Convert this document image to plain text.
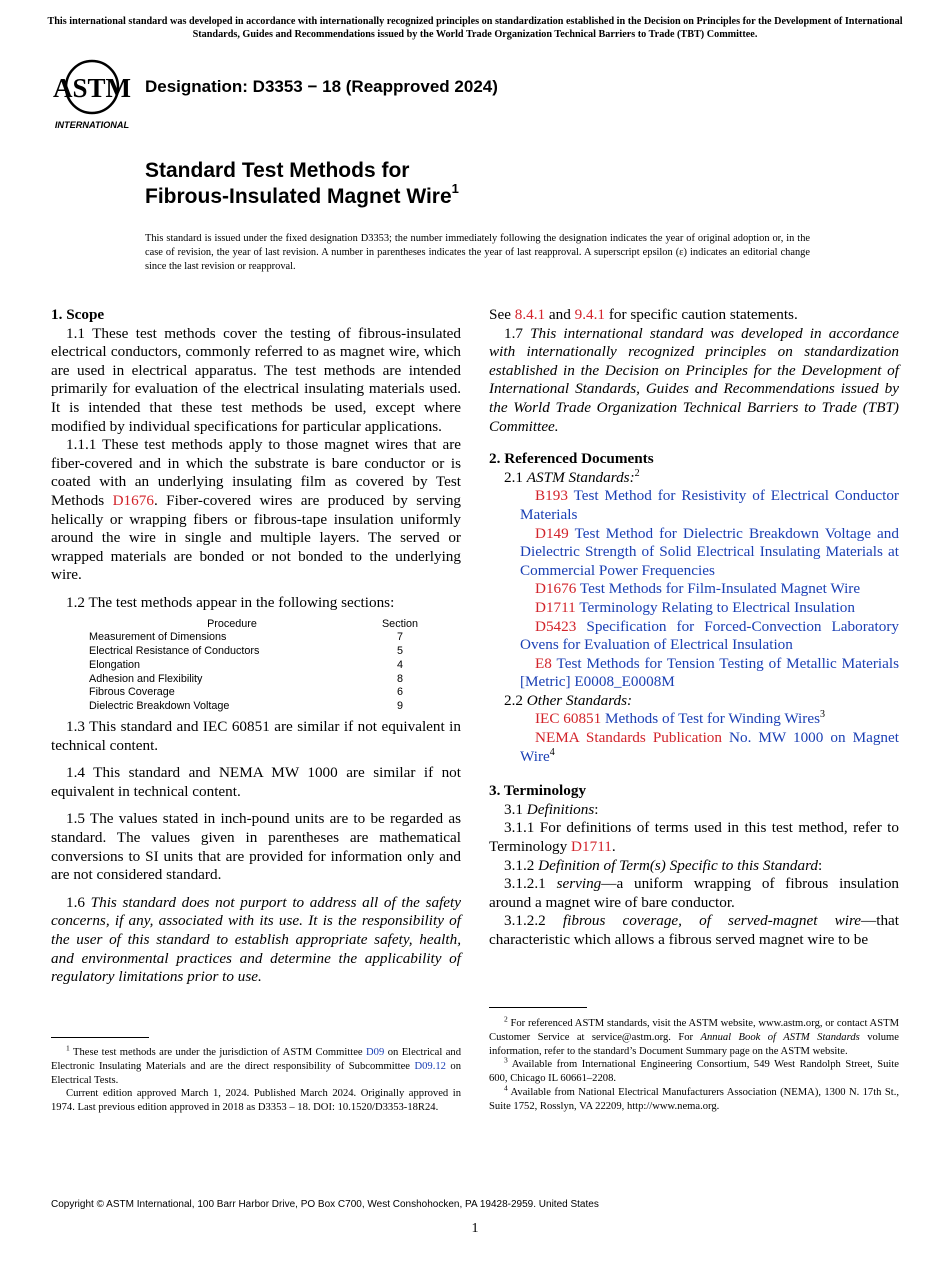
This international standard was developed in accordance with internationally recognized principles on standardization established in the Decision on Principles for the Development of International Standards, Guides and Recommendations issued by the World Trade Organization Technical Barriers to Trade (TBT) Committee.
ASTM
INTERNATIONAL
Designation: D3353 − 18 (Reapproved 2024)
Standard Test Methods for
Fibrous-Insulated Magnet Wire$^1$
This standard is issued under the fixed designation D3353; the number immediately following the designation indicates the year of original adoption or, in the case of revision, the year of last revision. A number in parentheses indicates the year of last reapproval. A superscript epsilon (ε) indicates an editorial change since the last revision or reapproval.

1. Scope

1.1 These test methods cover the testing of fibrous-insulated electrical conductors, commonly referred to as magnet wire, which are used in electrical apparatus. The test methods are intended primarily for evaluation of the electrical insulating materials used. It is intended that these test methods be used, except where modified by individual specifications for particular applications.

1.1.1 These test methods apply to those magnet wires that are fiber-covered and in which the substrate is bare conductor or is coated with an underlying insulating film as covered by Test Methods D1676. Fiber-covered wires are produced by serving helically or wrapping fibers or fibrous-tape insulation uniformly around the wire in single and multiple layers. The served or wrapped materials are bonded or not bonded to the underlying wire.

1.2 The test methods appear in the following sections:

Procedure	Section
Measurement of Dimensions	7
Electrical Resistance of Conductors	5
Elongation	4
Adhesion and Flexibility	8
Fibrous Coverage	6
Dielectric Breakdown Voltage	9

1.3 This standard and IEC 60851 are similar if not equivalent in technical content.

1.4 This standard and NEMA MW 1000 are similar if not equivalent in technical content.

1.5 The values stated in inch-pound units are to be regarded as standard. The values given in parentheses are mathematical conversions to SI units that are provided for information only and are not considered standard.

1.6 This standard does not purport to address all of the safety concerns, if any, associated with its use. It is the responsibility of the user of this standard to establish appropriate safety, health, and environmental practices and determine the applicability of regulatory limitations prior to use.

See 8.4.1 and 9.4.1 for specific caution statements.

1.7 This international standard was developed in accordance with internationally recognized principles on standardization established in the Decision on Principles for the Development of International Standards, Guides and Recommendations issued by the World Trade Organization Technical Barriers to Trade (TBT) Committee.

2. Referenced Documents

2.1 ASTM Standards:$^2$

B193 Test Method for Resistivity of Electrical Conductor Materials

D149 Test Method for Dielectric Breakdown Voltage and Dielectric Strength of Solid Electrical Insulating Materials at Commercial Power Frequencies

D1676 Test Methods for Film-Insulated Magnet Wire

D1711 Terminology Relating to Electrical Insulation

D5423 Specification for Forced-Convection Laboratory Ovens for Evaluation of Electrical Insulation

E8 Test Methods for Tension Testing of Metallic Materials [Metric] E0008_E0008M

2.2 Other Standards:

IEC 60851 Methods of Test for Winding Wires$^3$

NEMA Standards Publication No. MW 1000 on Magnet Wire$^4$

3. Terminology

3.1 Definitions:

3.1.1 For definitions of terms used in this test method, refer to Terminology D1711.

3.1.2 Definition of Term(s) Specific to this Standard:

3.1.2.1 serving—a uniform wrapping of fibrous insulation around a magnet wire of bare conductor.

3.1.2.2 fibrous coverage, of served-magnet wire—that characteristic which allows a fibrous served magnet wire to be

$^1$ These test methods are under the jurisdiction of ASTM Committee D09 on Electrical and Electronic Insulating Materials and are the direct responsibility of Subcommittee D09.12 on Electrical Tests.

Current edition approved March 1, 2024. Published March 2024. Originally approved in 1974. Last previous edition approved in 2018 as D3353 – 18. DOI: 10.1520/D3353-18R24.

$^2$ For referenced ASTM standards, visit the ASTM website, www.astm.org, or contact ASTM Customer Service at service@astm.org. For Annual Book of ASTM Standards volume information, refer to the standard’s Document Summary page on the ASTM website.

$^3$ Available from International Engineering Consortium, 549 West Randolph Street, Suite 600, Chicago IL 60661–2208.

$^4$ Available from National Electrical Manufacturers Association (NEMA), 1300 N. 17th St., Suite 1752, Rosslyn, VA 22209, http://www.nema.org.

Copyright © ASTM International, 100 Barr Harbor Drive, PO Box C700, West Conshohocken, PA 19428-2959. United States
1
